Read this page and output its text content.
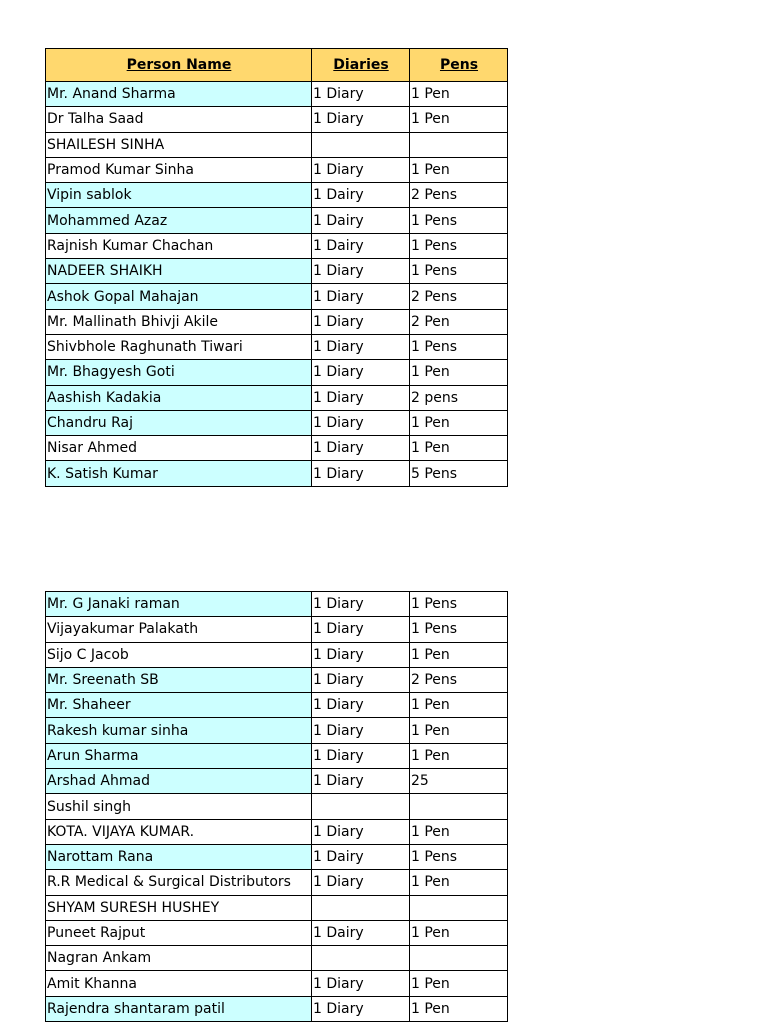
Person Name	Diaries	Pens
Mr. Anand Sharma	1 Diary	1 Pen
Dr Talha Saad	1 Diary	1 Pen
SHAILESH SINHA		
Pramod Kumar Sinha	1 Diary	1 Pen
Vipin sablok	1 Dairy	2 Pens
Mohammed Azaz	1 Dairy	1 Pens
Rajnish Kumar Chachan	1 Dairy	1 Pens
NADEER SHAIKH	1 Diary	1 Pens
Ashok Gopal Mahajan	1 Diary	2 Pens
Mr. Mallinath Bhivji Akile	1 Diary	2 Pen
Shivbhole Raghunath Tiwari	1 Diary	1 Pens
Mr. Bhagyesh Goti	1 Diary	1 Pen
Aashish Kadakia	1 Diary	2 pens
Chandru Raj	1 Diary	1 Pen
Nisar Ahmed	1 Diary	1 Pen
K. Satish Kumar	1 Diary	5 Pens
Mr. G Janaki raman	1 Diary	1 Pens
Vijayakumar Palakath	1 Diary	1 Pens
Sijo C Jacob	1 Diary	1 Pen
Mr. Sreenath SB	1 Diary	2 Pens
Mr. Shaheer	1 Diary	1 Pen
Rakesh kumar sinha	1 Diary	1 Pen
Arun Sharma	1 Diary	1 Pen
Arshad Ahmad	1 Diary	25
Sushil singh		
KOTA. VIJAYA KUMAR.	1 Diary	1 Pen
Narottam Rana	1 Dairy	1 Pens
R.R Medical & Surgical Distributors	1 Diary	1 Pen
SHYAM SURESH HUSHEY		
Puneet Rajput	1 Dairy	1 Pen
Nagran Ankam		
Amit Khanna	1 Diary	1 Pen
Rajendra shantaram patil	1 Diary	1 Pen
